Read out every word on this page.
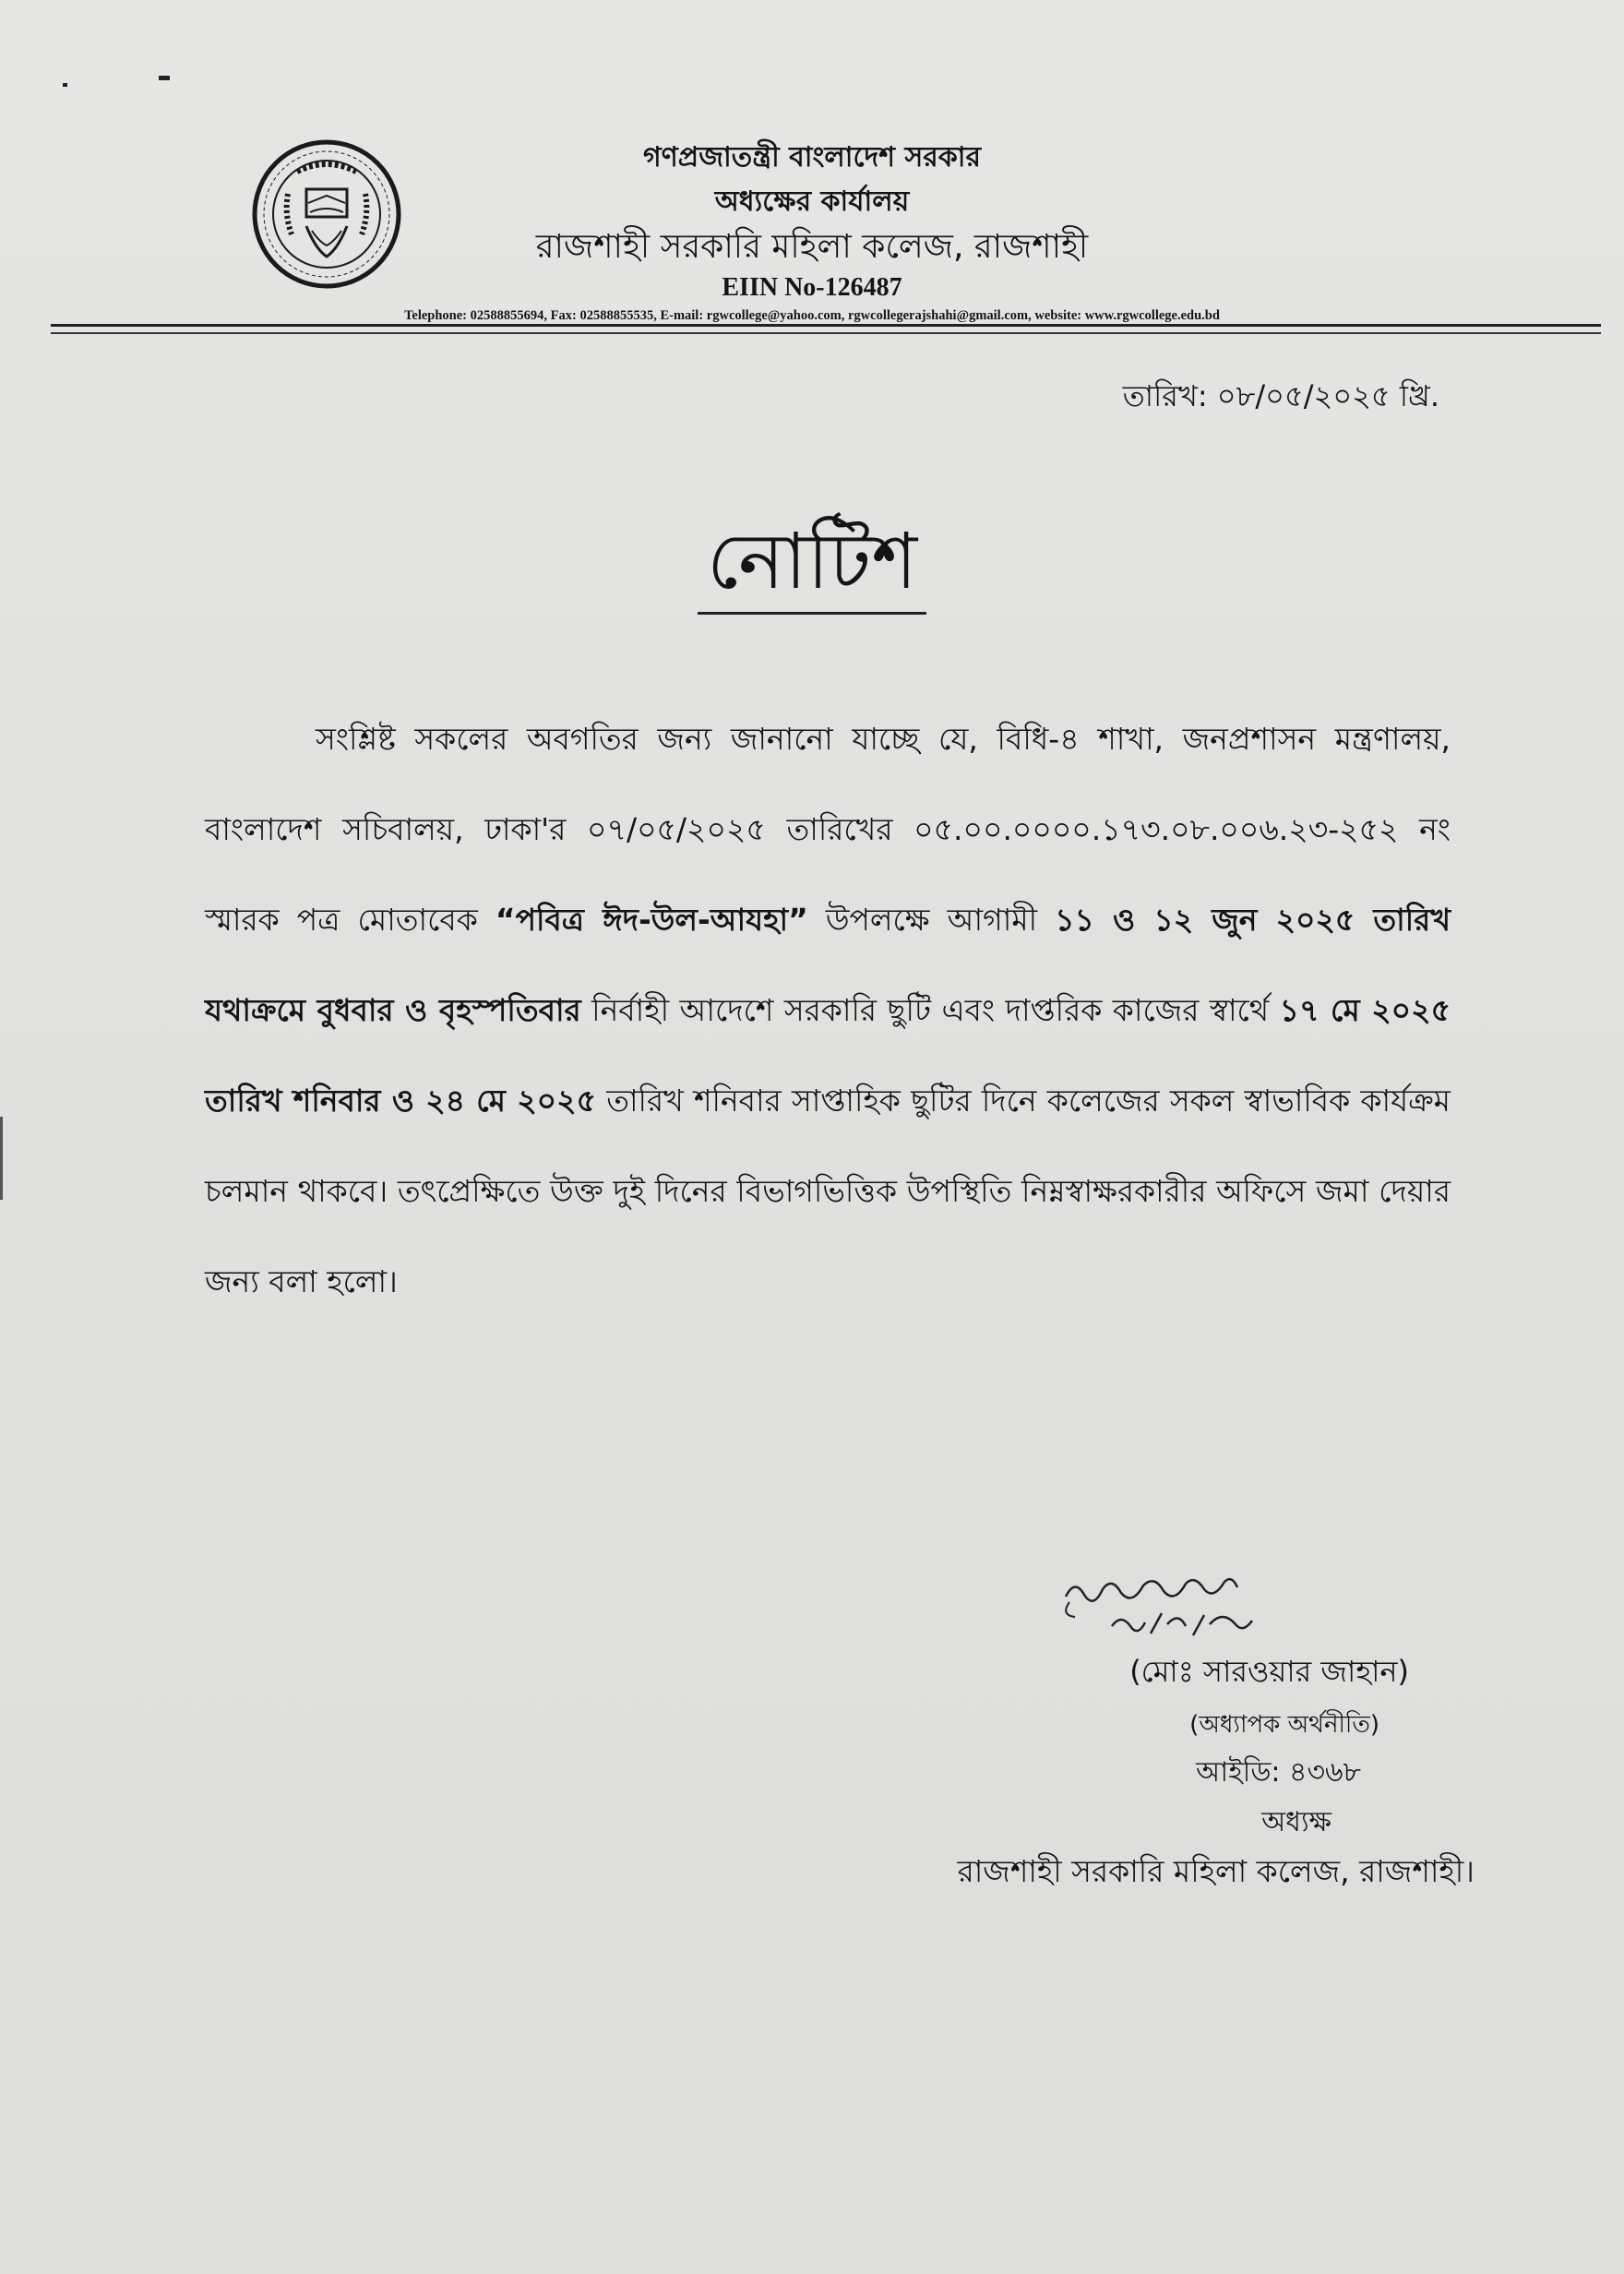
গণপ্রজাতন্ত্রী বাংলাদেশ সরকার
অধ্যক্ষের কার্যালয়
রাজশাহী সরকারি মহিলা কলেজ, রাজশাহী
EIIN No-126487
Telephone: 02588855694, Fax: 02588855535, E-mail: rgwcollege@yahoo.com, rgwcollegerajshahi@gmail.com, website: www.rgwcollege.edu.bd
তারিখ: ০৮/০৫/২০২৫ খ্রি.
নোটিশ
সংশ্লিষ্ট সকলের অবগতির জন্য জানানো যাচ্ছে যে, বিধি-৪ শাখা, জনপ্রশাসন মন্ত্রণালয়, বাংলাদেশ সচিবালয়, ঢাকা'র ০৭/০৫/২০২৫ তারিখের ০৫.০০.০০০০.১৭৩.০৮.০০৬.২৩-২৫২ নং স্মারক পত্র মোতাবেক “পবিত্র ঈদ-উল-আযহা” উপলক্ষে আগামী ১১ ও ১২ জুন ২০২৫ তারিখ যথাক্রমে বুধবার ও বৃহস্পতিবার নির্বাহী আদেশে সরকারি ছুটি এবং দাপ্তরিক কাজের স্বার্থে ১৭ মে ২০২৫ তারিখ শনিবার ও ২৪ মে ২০২৫ তারিখ শনিবার সাপ্তাহিক ছুটির দিনে কলেজের সকল স্বাভাবিক কার্যক্রম চলমান থাকবে। তৎপ্রেক্ষিতে উক্ত দুই দিনের বিভাগভিত্তিক উপস্থিতি নিম্নস্বাক্ষরকারীর অফিসে জমা দেয়ার জন্য বলা হলো।
(মোঃ সারওয়ার জাহান)
(অধ্যাপক অর্থনীতি)
আইডি: ৪৩৬৮
অধ্যক্ষ
রাজশাহী সরকারি মহিলা কলেজ, রাজশাহী।
